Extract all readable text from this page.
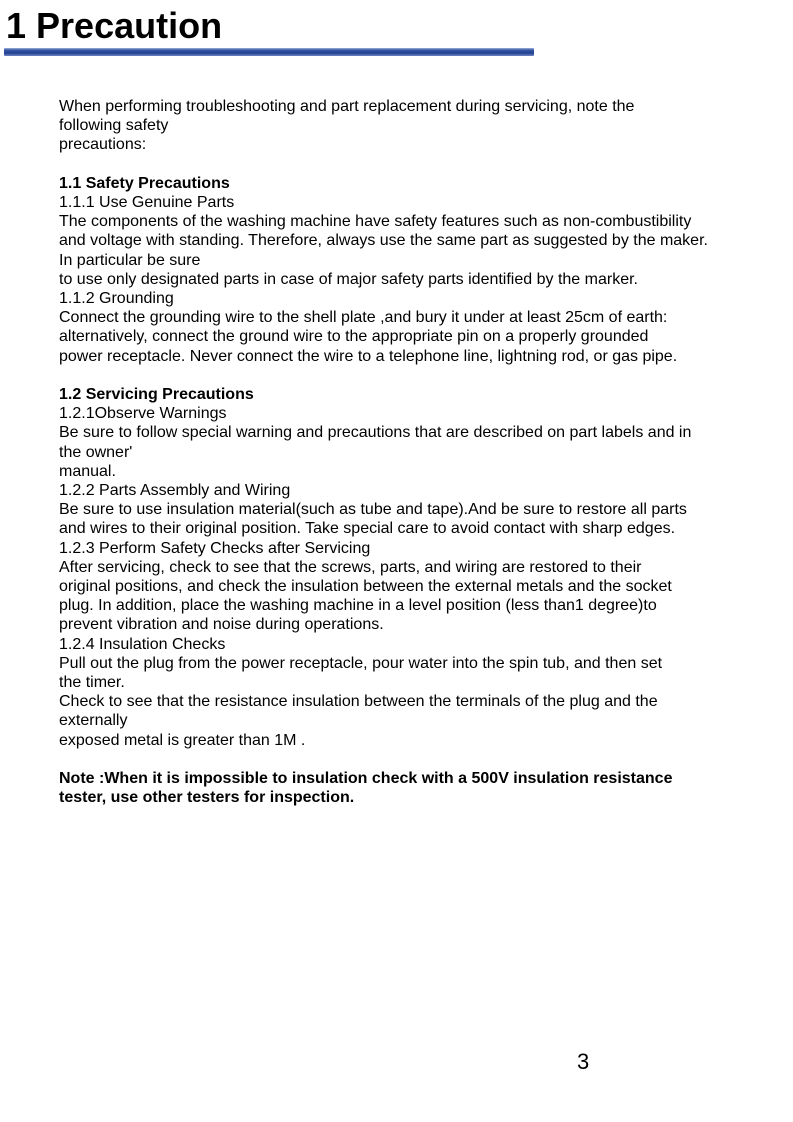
1 Precaution
When performing troubleshooting and part replacement during servicing, note the
following safety
precautions:
1.1 Safety Precautions
1.1.1 Use Genuine Parts
The components of the washing machine have safety features such as non-combustibility
and voltage with standing. Therefore, always use the same part as suggested by the maker.
In particular be sure
to use only designated parts in case of major safety parts identified by the marker.
1.1.2 Grounding
Connect the grounding wire to the shell plate ,and bury it under at least 25cm of earth:
alternatively, connect the ground wire to the appropriate pin on a properly grounded
power receptacle. Never connect the wire to a telephone line, lightning rod, or gas pipe.
1.2 Servicing Precautions
1.2.1Observe Warnings
Be sure to follow special warning and precautions that are described on part labels and in
the owner'
manual.
1.2.2 Parts Assembly and Wiring
Be sure to use insulation material(such as tube and tape).And be sure to restore all parts
and wires to their original position. Take special care to avoid contact with sharp edges.
1.2.3 Perform Safety Checks after Servicing
After servicing, check to see that the screws, parts, and wiring are restored to their
original positions, and check the insulation between the external metals and the socket
plug. In addition, place the washing machine in a level position (less than1 degree)to
prevent vibration and noise during operations.
1.2.4 Insulation Checks
Pull out the plug from the power receptacle, pour water into the spin tub, and then set
the timer.
Check to see that the resistance insulation between the terminals of the plug and the
externally
exposed metal is greater than 1M .
Note :When it is impossible to insulation check with a 500V insulation resistance
tester, use other testers for inspection.
3
